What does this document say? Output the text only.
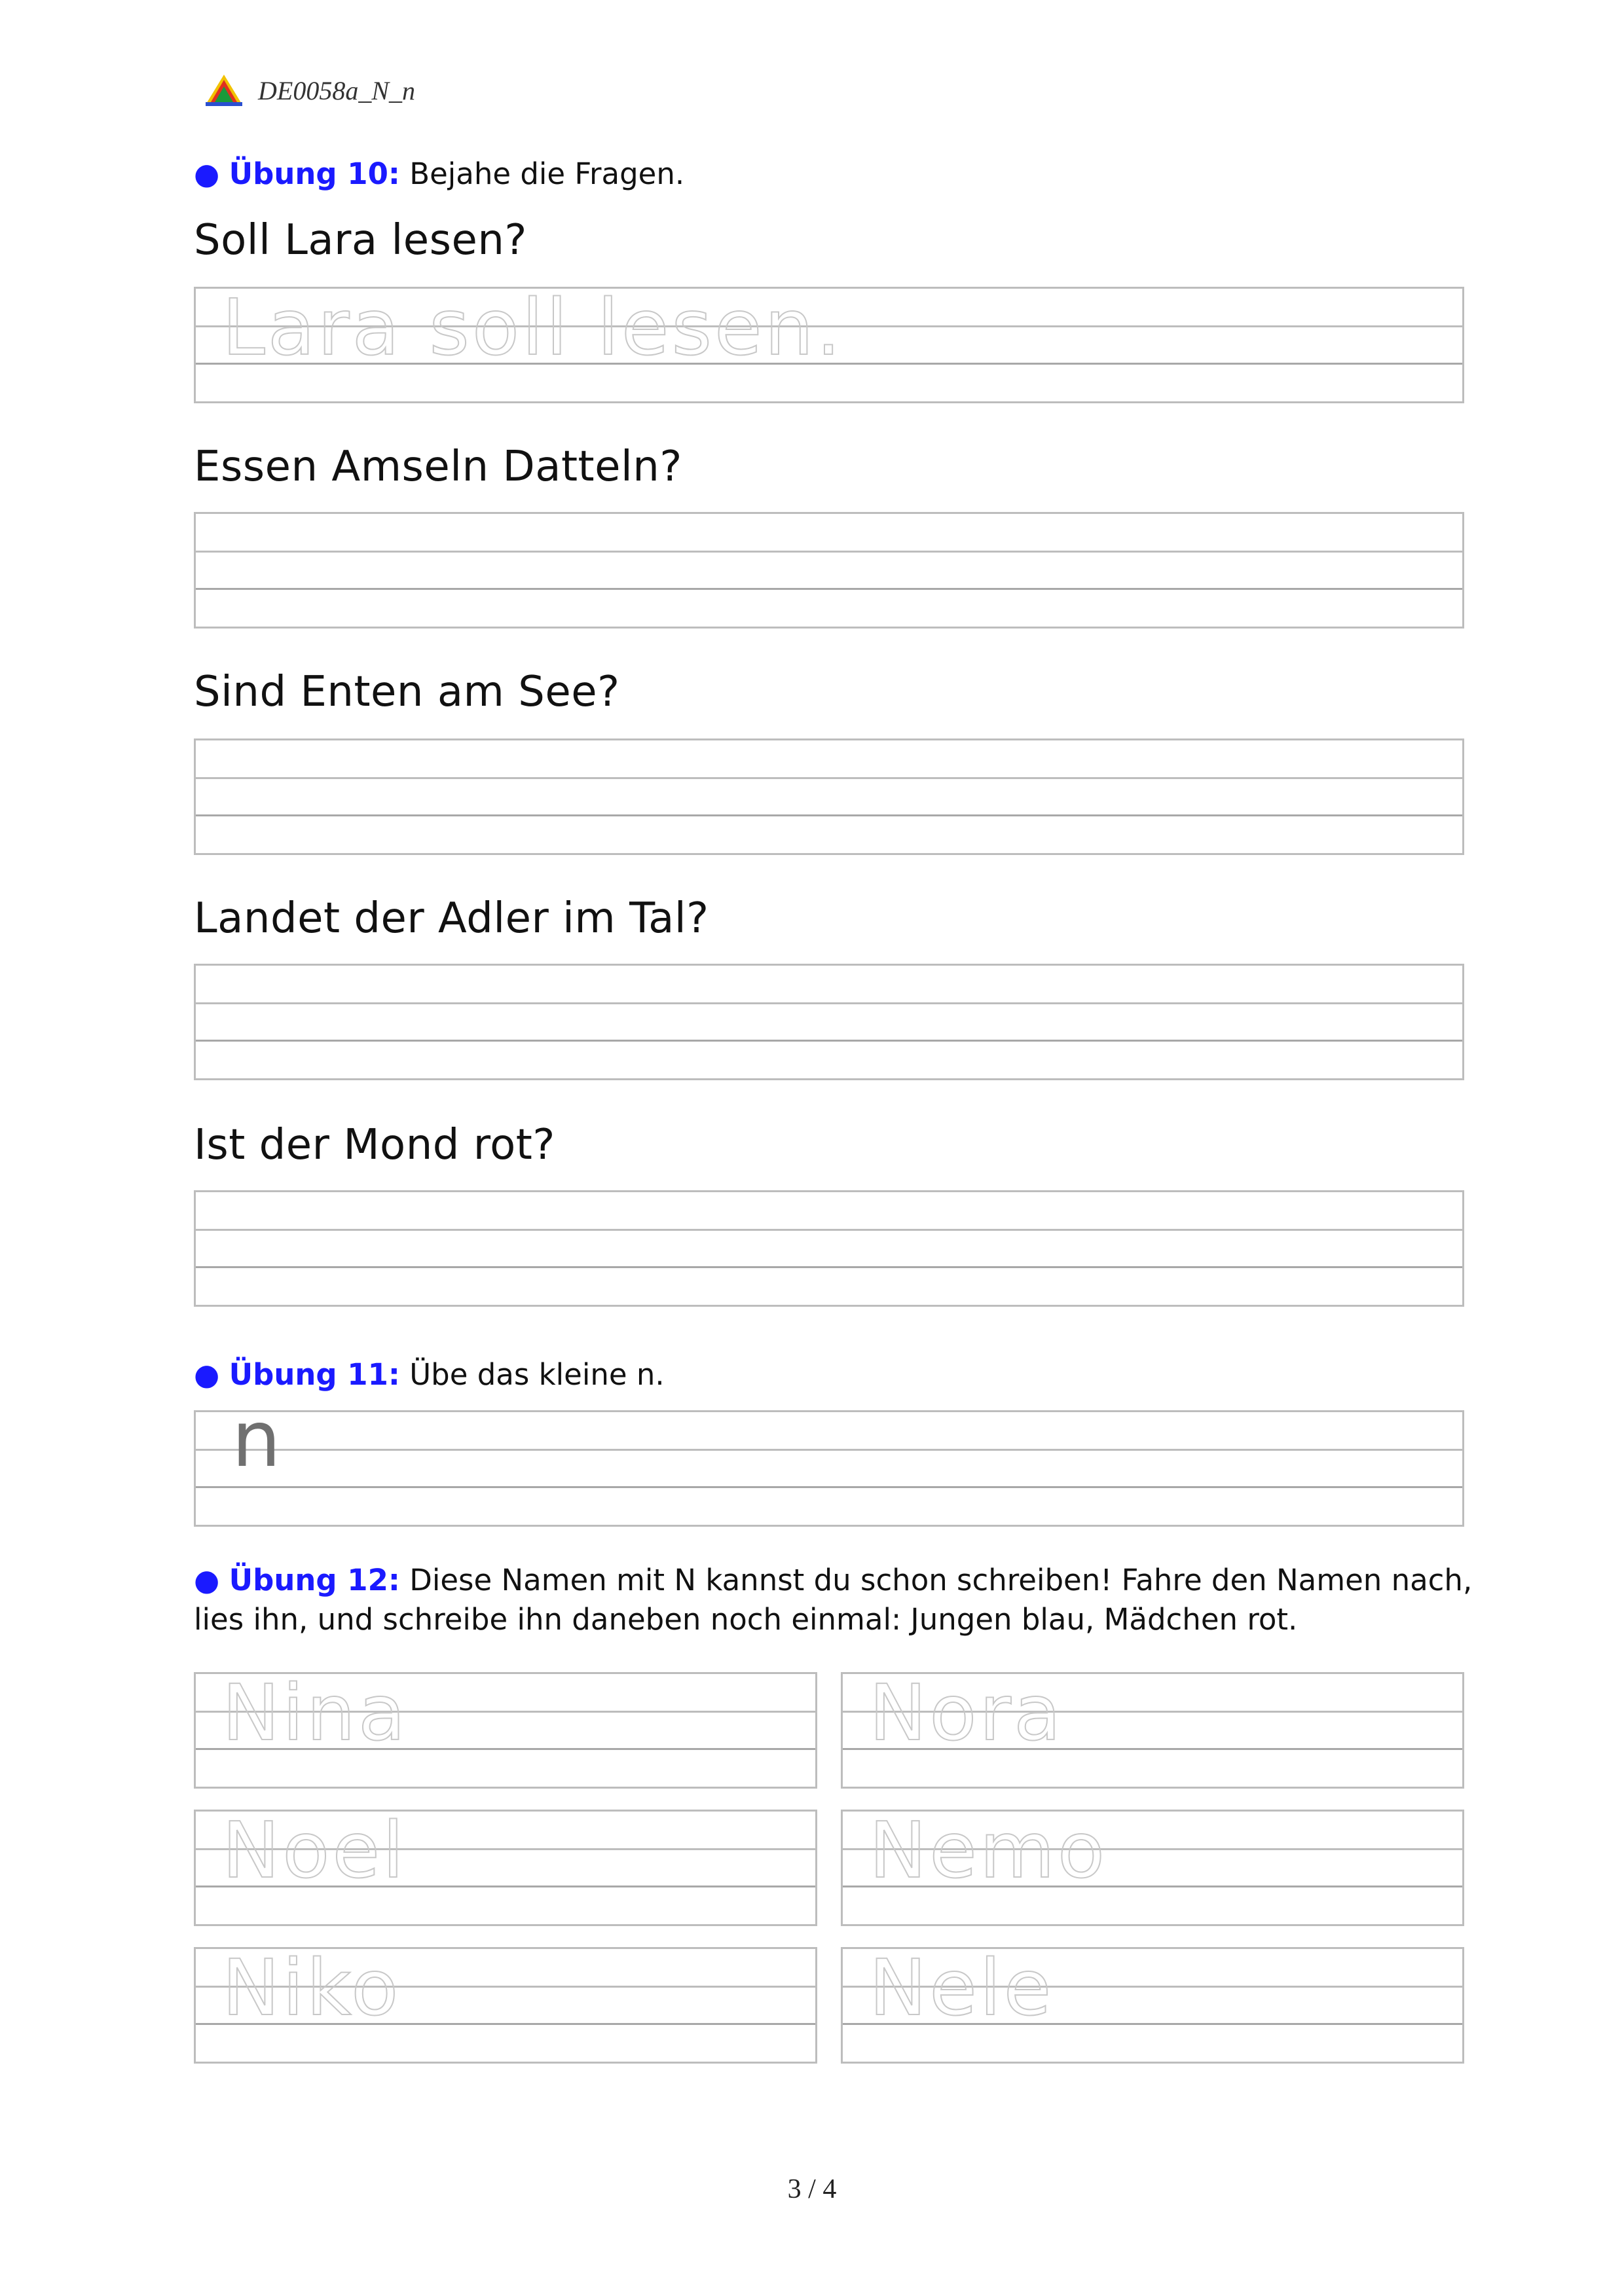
DE0058a_N_n
● Übung 10: Bejahe die Fragen.
Soll Lara lesen?
Lara soll lesen.
Essen Amseln Datteln?
Sind Enten am See?
Landet der Adler im Tal?
Ist der Mond rot?
● Übung 11: Übe das kleine n.
n
● Übung 12: Diese Namen mit N kannst du schon schreiben! Fahre den Namen nach,
lies ihn, und schreibe ihn daneben noch einmal: Jungen blau, Mädchen rot.
Nina	Nora
Noel	Nemo
Niko	Nele
3 / 4
